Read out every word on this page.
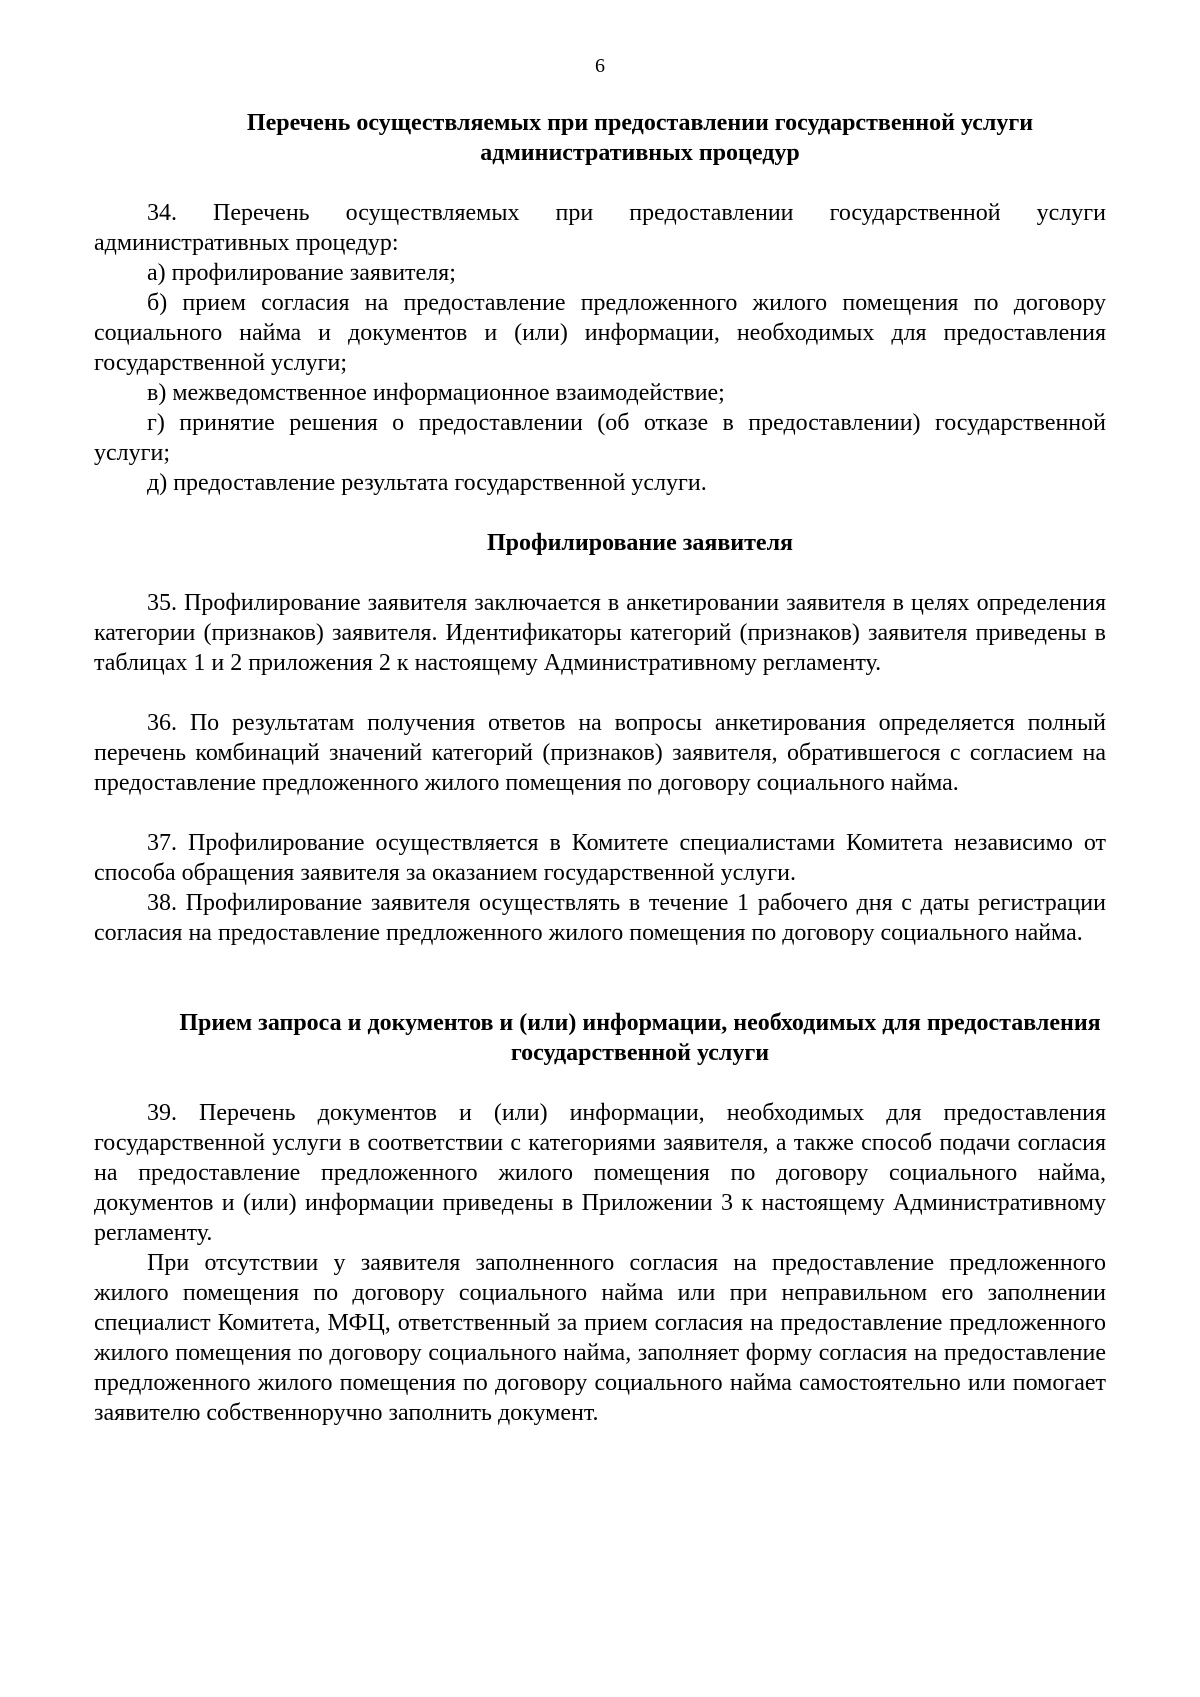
6
Перечень осуществляемых при предоставлении государственной услуги административных процедур

34. Перечень осуществляемых при предоставлении государственной услуги административных процедур:

а) профилирование заявителя;

б) прием согласия на предоставление предложенного жилого помещения по договору социального найма и документов и (или) информации, необходимых для предоставления государственной услуги;

в) межведомственное информационное взаимодействие;

г) принятие решения о предоставлении (об отказе в предоставлении) государственной услуги;

д) предоставление результата государственной услуги.

Профилирование заявителя

35. Профилирование заявителя заключается в анкетировании заявителя в целях определения категории (признаков) заявителя. Идентификаторы категорий (признаков) заявителя приведены в таблицах 1 и 2 приложения 2 к настоящему Административному регламенту.

36. По результатам получения ответов на вопросы анкетирования определяется полный перечень комбинаций значений категорий (признаков) заявителя, обратившегося с согласием на предоставление предложенного жилого помещения по договору социального найма.

37. Профилирование осуществляется в Комитете специалистами Комитета независимо от способа обращения заявителя за оказанием государственной услуги.

38. Профилирование заявителя осуществлять в течение 1 рабочего дня с даты регистрации согласия на предоставление предложенного жилого помещения по договору социального найма.

Прием запроса и документов и (или) информации, необходимых для предоставления государственной услуги

39. Перечень документов и (или) информации, необходимых для предоставления государственной услуги в соответствии с категориями заявителя, а также способ подачи согласия на предоставление предложенного жилого помещения по договору социального найма, документов и (или) информации приведены в Приложении 3 к настоящему Административному регламенту.

При отсутствии у заявителя заполненного согласия на предоставление предложенного жилого помещения по договору социального найма или при неправильном его заполнении специалист Комитета, МФЦ, ответственный за прием согласия на предоставление предложенного жилого помещения по договору социального найма, заполняет форму согласия на предоставление предложенного жилого помещения по договору социального найма самостоятельно или помогает заявителю собственноручно заполнить документ.
